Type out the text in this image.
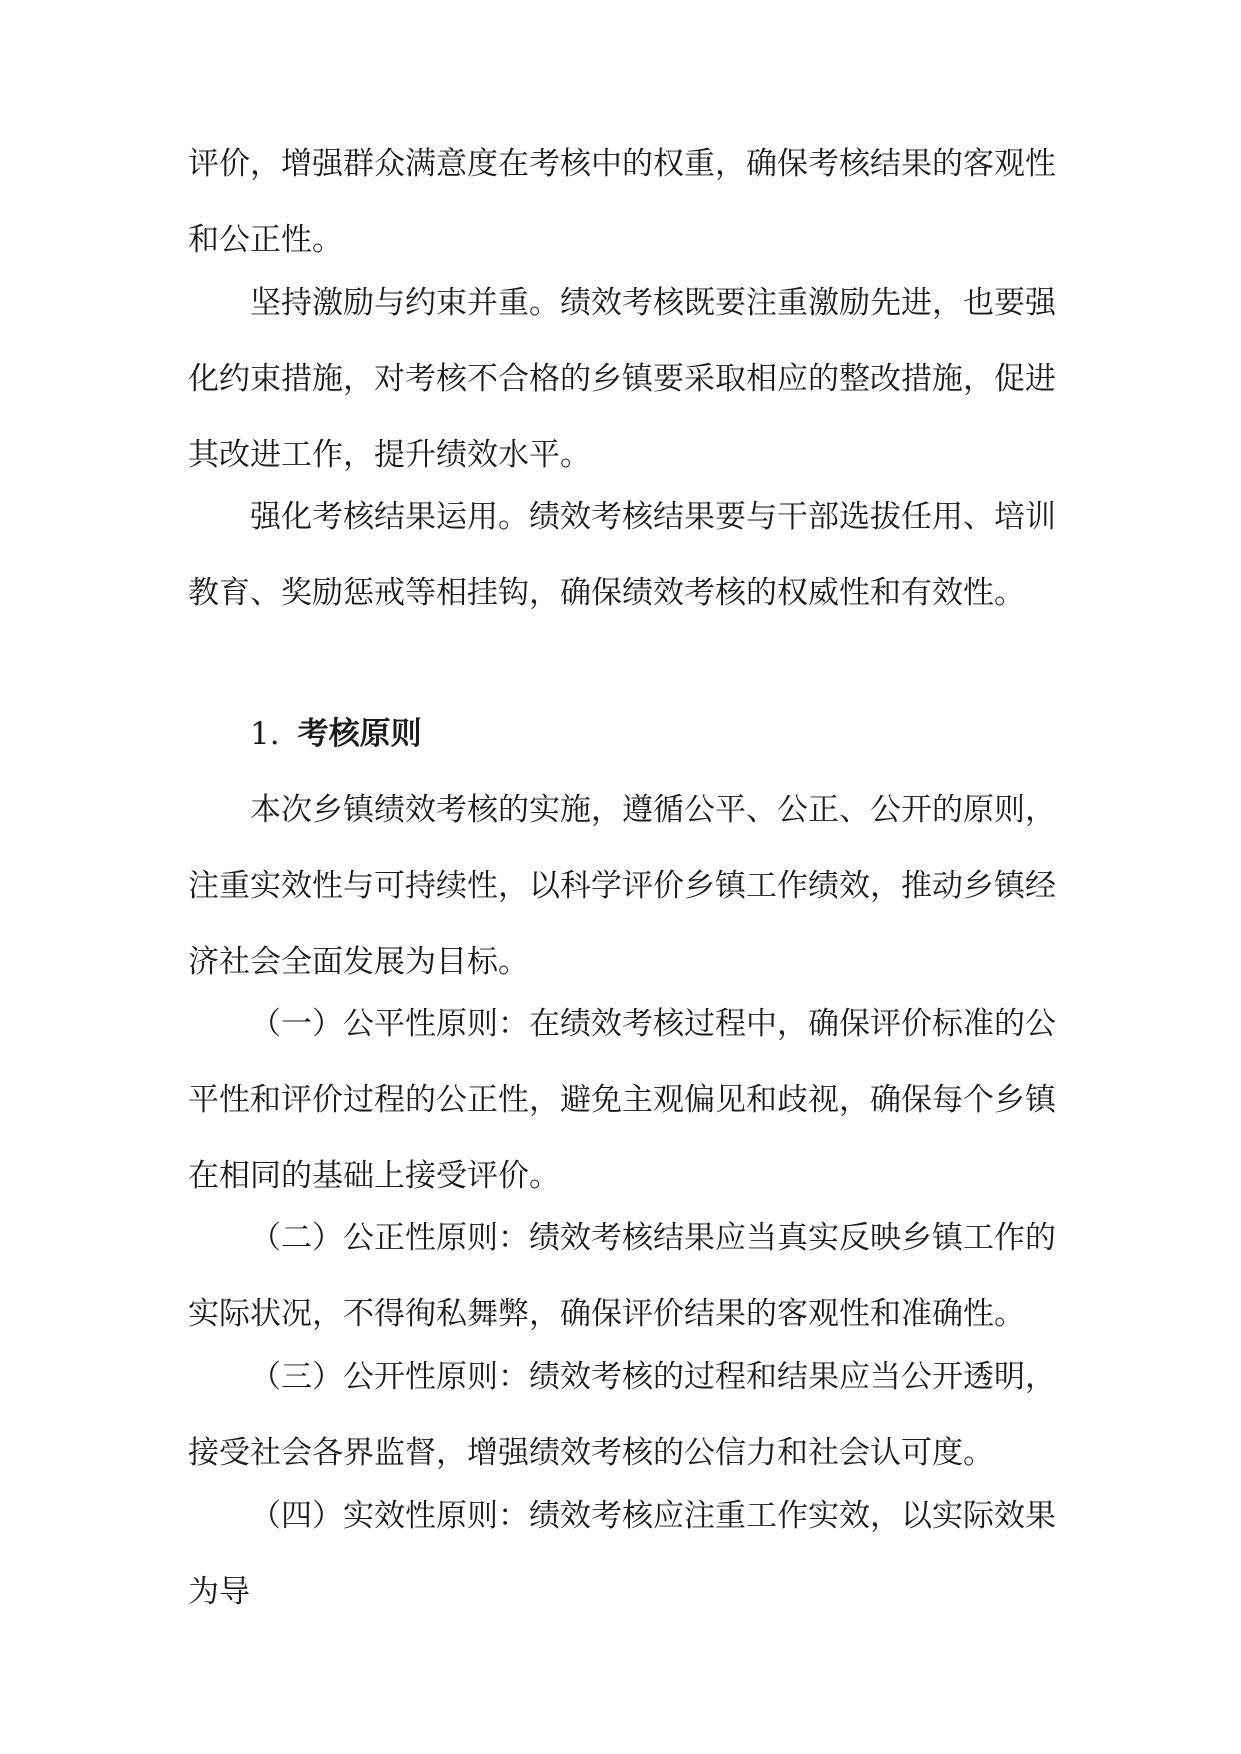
评价，增强群众满意度在考核中的权重，确保考核结果的客观性和公正性。

坚持激励与约束并重。绩效考核既要注重激励先进，也要强化约束措施，对考核不合格的乡镇要采取相应的整改措施，促进其改进工作，提升绩效水平。

强化考核结果运用。绩效考核结果要与干部选拔任用、培训教育、奖励惩戒等相挂钩，确保绩效考核的权威性和有效性。

1. 考核原则

本次乡镇绩效考核的实施，遵循公平、公正、公开的原则，注重实效性与可持续性，以科学评价乡镇工作绩效，推动乡镇经济社会全面发展为目标。

（一）公平性原则：在绩效考核过程中，确保评价标准的公平性和评价过程的公正性，避免主观偏见和歧视，确保每个乡镇在相同的基础上接受评价。

（二）公正性原则：绩效考核结果应当真实反映乡镇工作的实际状况，不得徇私舞弊，确保评价结果的客观性和准确性。

（三）公开性原则：绩效考核的过程和结果应当公开透明，接受社会各界监督，增强绩效考核的公信力和社会认可度。

（四）实效性原则：绩效考核应注重工作实效，以实际效果为导
